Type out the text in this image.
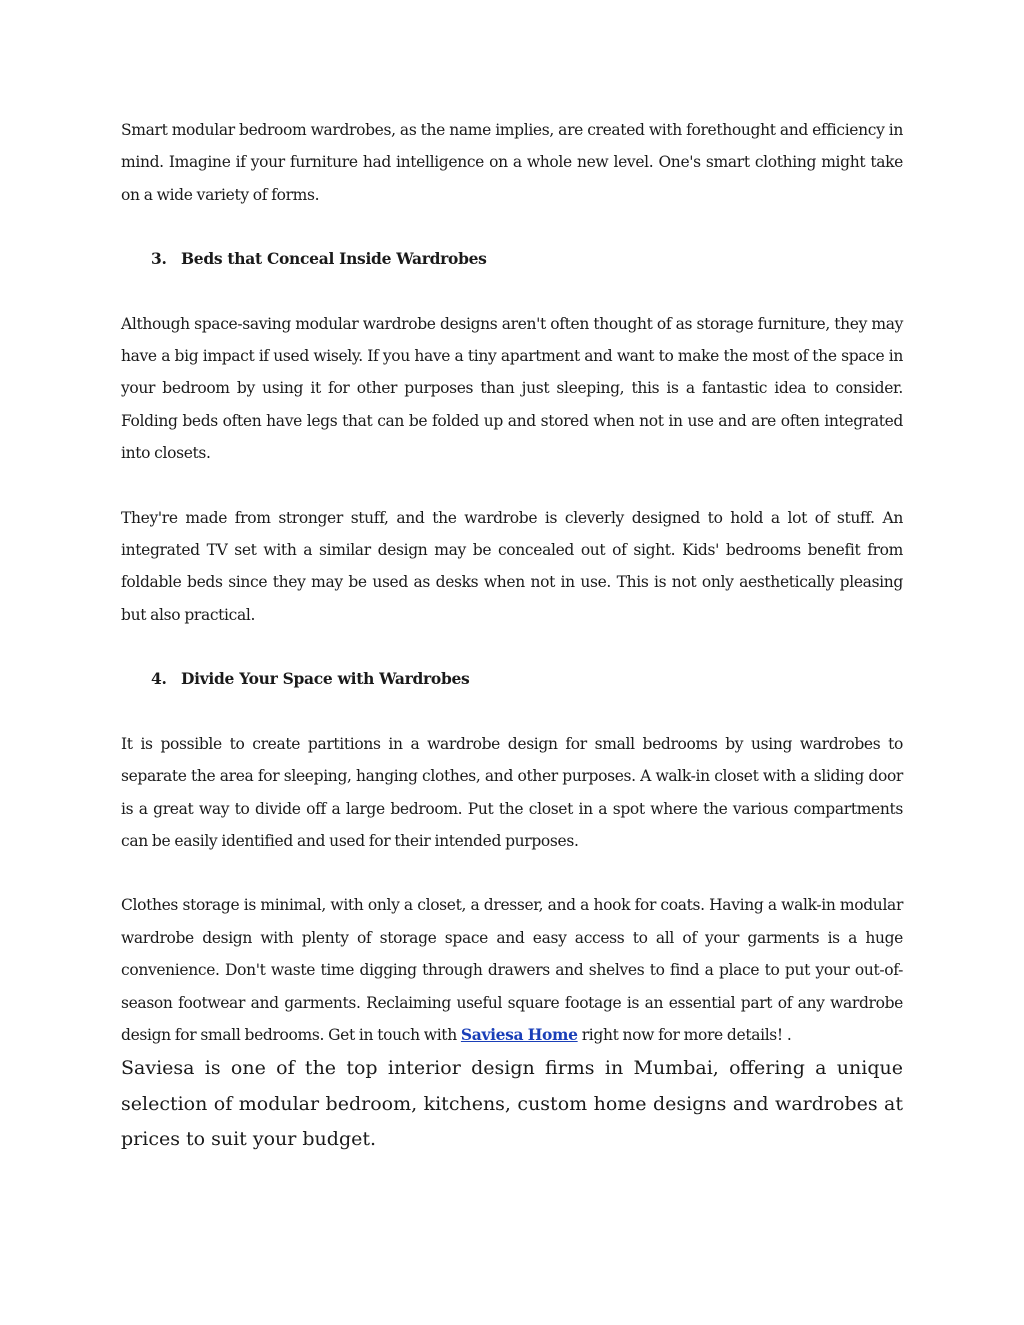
Smart modular bedroom wardrobes, as the name implies, are created with forethought and efficiency in mind. Imagine if your furniture had intelligence on a whole new level. One's smart clothing might take on a wide variety of forms.

3. Beds that Conceal Inside Wardrobes

Although space-saving modular wardrobe designs aren't often thought of as storage furniture, they may have a big impact if used wisely. If you have a tiny apartment and want to make the most of the space in your bedroom by using it for other purposes than just sleeping, this is a fantastic idea to consider. Folding beds often have legs that can be folded up and stored when not in use and are often integrated into closets.

They're made from stronger stuff, and the wardrobe is cleverly designed to hold a lot of stuff. An integrated TV set with a similar design may be concealed out of sight. Kids' bedrooms benefit from foldable beds since they may be used as desks when not in use. This is not only aesthetically pleasing but also practical.

4. Divide Your Space with Wardrobes

It is possible to create partitions in a wardrobe design for small bedrooms by using wardrobes to separate the area for sleeping, hanging clothes, and other purposes. A walk-in closet with a sliding door is a great way to divide off a large bedroom. Put the closet in a spot where the various compartments can be easily identified and used for their intended purposes.

Clothes storage is minimal, with only a closet, a dresser, and a hook for coats. Having a walk-in modular wardrobe design with plenty of storage space and easy access to all of your garments is a huge convenience. Don't waste time digging through drawers and shelves to find a place to put your out-of-season footwear and garments. Reclaiming useful square footage is an essential part of any wardrobe design for small bedrooms. Get in touch with Saviesa Home right now for more details! .

Saviesa is one of the top interior design firms in Mumbai, offering a unique selection of modular bedroom, kitchens, custom home designs and wardrobes at prices to suit your budget.
